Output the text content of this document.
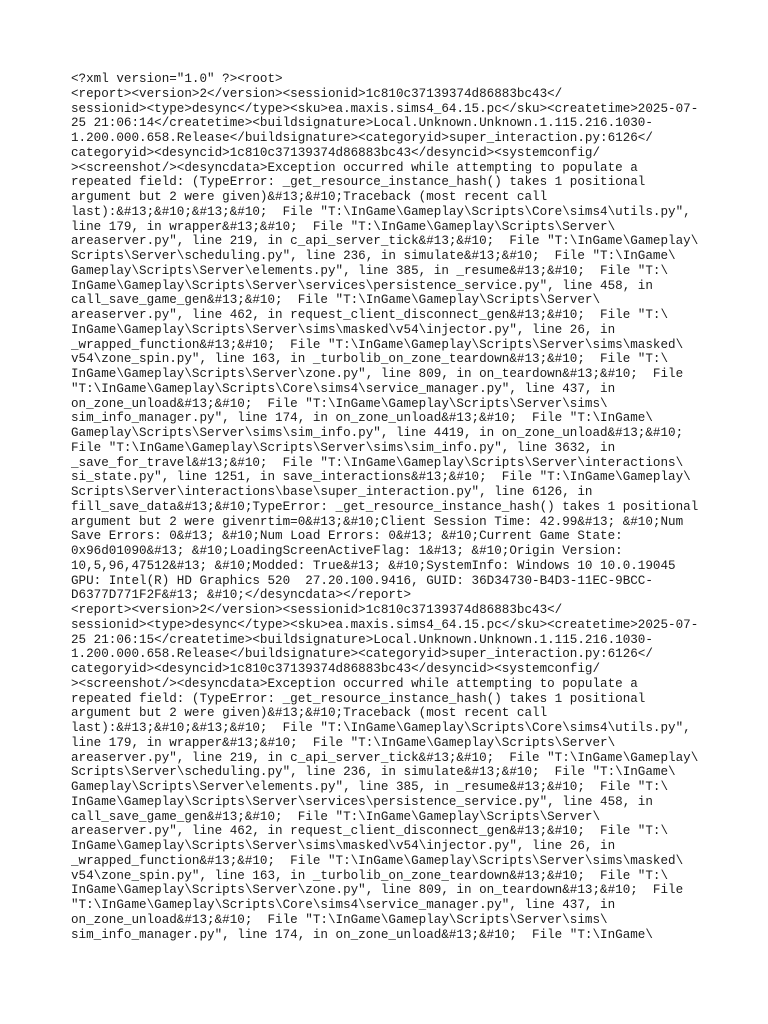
<?xml version="1.0" ?><root>
<report><version>2</version><sessionid>1c810c37139374d86883bc43</
sessionid><type>desync</type><sku>ea.maxis.sims4_64.15.pc</sku><createtime>2025-07-
25 21:06:14</createtime><buildsignature>Local.Unknown.Unknown.1.115.216.1030-
1.200.000.658.Release</buildsignature><categoryid>super_interaction.py:6126</
categoryid><desyncid>1c810c37139374d86883bc43</desyncid><systemconfig/
><screenshot/><desyncdata>Exception occurred while attempting to populate a
repeated field: (TypeError: _get_resource_instance_hash() takes 1 positional
argument but 2 were given)&#13;&#10;Traceback (most recent call
last):&#13;&#10;&#13;&#10;  File "T:\InGame\Gameplay\Scripts\Core\sims4\utils.py",
line 179, in wrapper&#13;&#10;  File "T:\InGame\Gameplay\Scripts\Server\
areaserver.py", line 219, in c_api_server_tick&#13;&#10;  File "T:\InGame\Gameplay\
Scripts\Server\scheduling.py", line 236, in simulate&#13;&#10;  File "T:\InGame\
Gameplay\Scripts\Server\elements.py", line 385, in _resume&#13;&#10;  File "T:\
InGame\Gameplay\Scripts\Server\services\persistence_service.py", line 458, in
call_save_game_gen&#13;&#10;  File "T:\InGame\Gameplay\Scripts\Server\
areaserver.py", line 462, in request_client_disconnect_gen&#13;&#10;  File "T:\
InGame\Gameplay\Scripts\Server\sims\masked\v54\injector.py", line 26, in
_wrapped_function&#13;&#10;  File "T:\InGame\Gameplay\Scripts\Server\sims\masked\
v54\zone_spin.py", line 163, in _turbolib_on_zone_teardown&#13;&#10;  File "T:\
InGame\Gameplay\Scripts\Server\zone.py", line 809, in on_teardown&#13;&#10;  File
"T:\InGame\Gameplay\Scripts\Core\sims4\service_manager.py", line 437, in
on_zone_unload&#13;&#10;  File "T:\InGame\Gameplay\Scripts\Server\sims\
sim_info_manager.py", line 174, in on_zone_unload&#13;&#10;  File "T:\InGame\
Gameplay\Scripts\Server\sims\sim_info.py", line 4419, in on_zone_unload&#13;&#10;
File "T:\InGame\Gameplay\Scripts\Server\sims\sim_info.py", line 3632, in
_save_for_travel&#13;&#10;  File "T:\InGame\Gameplay\Scripts\Server\interactions\
si_state.py", line 1251, in save_interactions&#13;&#10;  File "T:\InGame\Gameplay\
Scripts\Server\interactions\base\super_interaction.py", line 6126, in
fill_save_data&#13;&#10;TypeError: _get_resource_instance_hash() takes 1 positional
argument but 2 were givenrtim=0&#13;&#10;Client Session Time: 42.99&#13; &#10;Num
Save Errors: 0&#13; &#10;Num Load Errors: 0&#13; &#10;Current Game State:
0x96d01090&#13; &#10;LoadingScreenActiveFlag: 1&#13; &#10;Origin Version:
10,5,96,47512&#13; &#10;Modded: True&#13; &#10;SystemInfo: Windows 10 10.0.19045
GPU: Intel(R) HD Graphics 520  27.20.100.9416, GUID: 36D34730-B4D3-11EC-9BCC-
D6377D771F2F&#13; &#10;</desyncdata></report>
<report><version>2</version><sessionid>1c810c37139374d86883bc43</
sessionid><type>desync</type><sku>ea.maxis.sims4_64.15.pc</sku><createtime>2025-07-
25 21:06:15</createtime><buildsignature>Local.Unknown.Unknown.1.115.216.1030-
1.200.000.658.Release</buildsignature><categoryid>super_interaction.py:6126</
categoryid><desyncid>1c810c37139374d86883bc43</desyncid><systemconfig/
><screenshot/><desyncdata>Exception occurred while attempting to populate a
repeated field: (TypeError: _get_resource_instance_hash() takes 1 positional
argument but 2 were given)&#13;&#10;Traceback (most recent call
last):&#13;&#10;&#13;&#10;  File "T:\InGame\Gameplay\Scripts\Core\sims4\utils.py",
line 179, in wrapper&#13;&#10;  File "T:\InGame\Gameplay\Scripts\Server\
areaserver.py", line 219, in c_api_server_tick&#13;&#10;  File "T:\InGame\Gameplay\
Scripts\Server\scheduling.py", line 236, in simulate&#13;&#10;  File "T:\InGame\
Gameplay\Scripts\Server\elements.py", line 385, in _resume&#13;&#10;  File "T:\
InGame\Gameplay\Scripts\Server\services\persistence_service.py", line 458, in
call_save_game_gen&#13;&#10;  File "T:\InGame\Gameplay\Scripts\Server\
areaserver.py", line 462, in request_client_disconnect_gen&#13;&#10;  File "T:\
InGame\Gameplay\Scripts\Server\sims\masked\v54\injector.py", line 26, in
_wrapped_function&#13;&#10;  File "T:\InGame\Gameplay\Scripts\Server\sims\masked\
v54\zone_spin.py", line 163, in _turbolib_on_zone_teardown&#13;&#10;  File "T:\
InGame\Gameplay\Scripts\Server\zone.py", line 809, in on_teardown&#13;&#10;  File
"T:\InGame\Gameplay\Scripts\Core\sims4\service_manager.py", line 437, in
on_zone_unload&#13;&#10;  File "T:\InGame\Gameplay\Scripts\Server\sims\
sim_info_manager.py", line 174, in on_zone_unload&#13;&#10;  File "T:\InGame\
